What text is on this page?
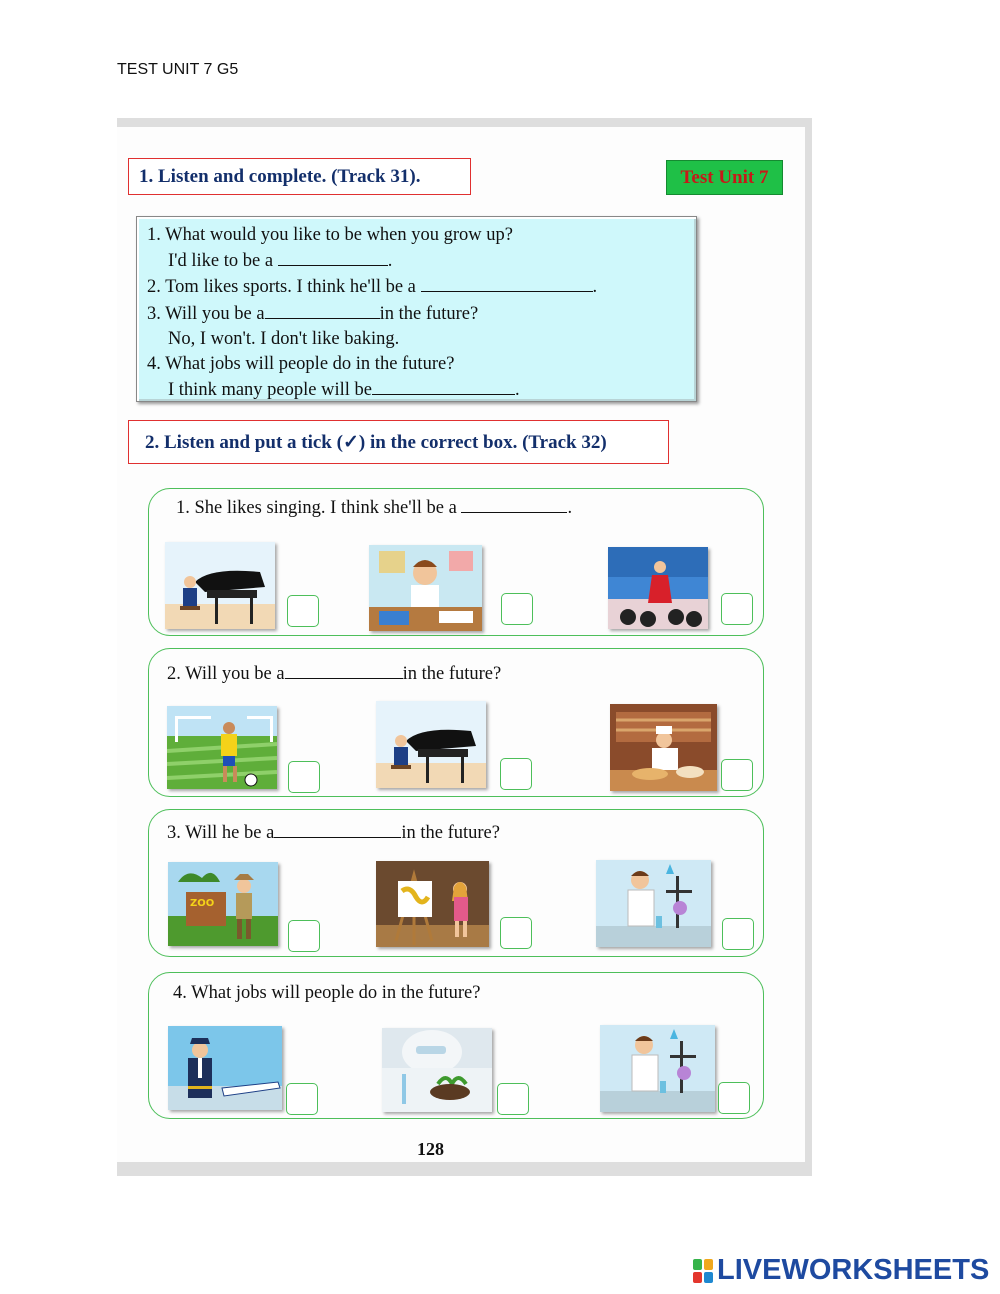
TEST UNIT 7 G5
1. Listen and complete. (Track 31).	Test Unit 7
1. What would you like to be when you grow up?
I'd like to be a	.
2. Tom likes sports. I think he'll be a	.
3. Will you be a	in the future?
No, I won't. I don't like baking.
4. What jobs will people do in the future?
I think many people will be	.
2. Listen and put a tick (✓) in the correct box. (Track 32)
1. She likes singing. I think she'll be a	.
2. Will you be a	in the future?
3. Will he be a	in the future?
ZOO
4. What jobs will people do in the future?
128
LIVEWORKSHEETS
